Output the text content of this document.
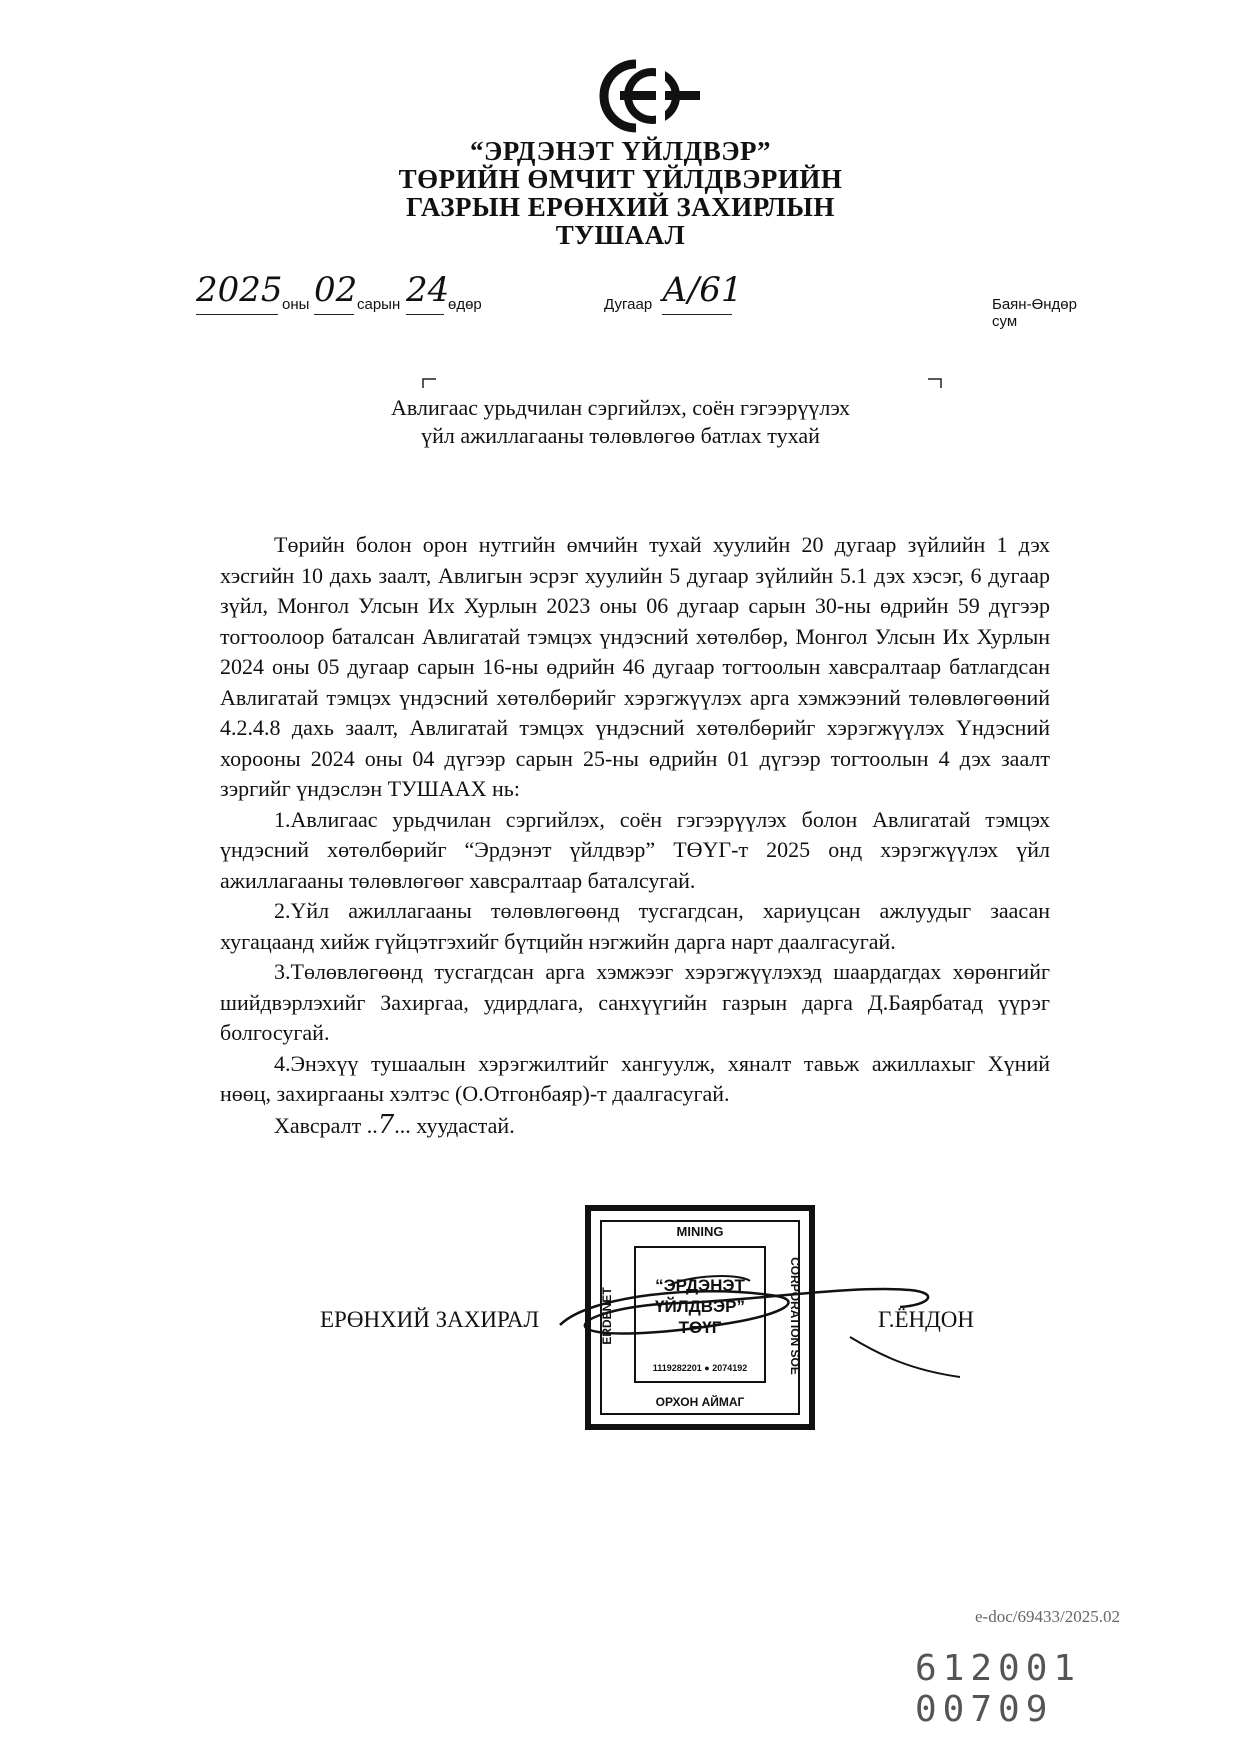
“ЭРДЭНЭТ ҮЙЛДВЭР”
ТӨРИЙН ӨМЧИТ ҮЙЛДВЭРИЙН
ГАЗРЫН ЕРӨНХИЙ ЗАХИРЛЫН
ТУШААЛ
2025 оны 02 сарын 24
өдөр	Дугаар А/61	Баян-Өндөр сум
Авлигаас урьдчилан сэргийлэх, соён гэгээрүүлэх
үйл ажиллагааны төлөвлөгөө батлах тухай

Төрийн болон орон нутгийн өмчийн тухай хуулийн 20 дугаар зүйлийн 1 дэх хэсгийн 10 дахь заалт, Авлигын эсрэг хуулийн 5 дугаар зүйлийн 5.1 дэх хэсэг, 6 дугаар зүйл, Монгол Улсын Их Хурлын 2023 оны 06 дугаар сарын 30-ны өдрийн 59 дүгээр тогтоолоор баталсан Авлигатай тэмцэх үндэсний хөтөлбөр, Монгол Улсын Их Хурлын 2024 оны 05 дугаар сарын 16-ны өдрийн 46 дугаар тогтоолын хавсралтаар батлагдсан Авлигатай тэмцэх үндэсний хөтөлбөрийг хэрэгжүүлэх арга хэмжээний төлөвлөгөөний 4.2.4.8 дахь заалт, Авлигатай тэмцэх үндэсний хөтөлбөрийг хэрэгжүүлэх Үндэсний хорооны 2024 оны 04 дүгээр сарын 25-ны өдрийн 01 дүгээр тогтоолын 4 дэх заалт зэргийг үндэслэн ТУШААХ нь:

1.Авлигаас урьдчилан сэргийлэх, соён гэгээрүүлэх болон Авлигатай тэмцэх үндэсний хөтөлбөрийг “Эрдэнэт үйлдвэр” ТӨҮГ-т 2025 онд хэрэгжүүлэх үйл ажиллагааны төлөвлөгөөг хавсралтаар баталсугай.

2.Үйл ажиллагааны төлөвлөгөөнд тусгагдсан, хариуцсан ажлуудыг заасан хугацаанд хийж гүйцэтгэхийг бүтцийн нэгжийн дарга нарт даалгасугай.

3.Төлөвлөгөөнд тусгагдсан арга хэмжээг хэрэгжүүлэхэд шаардагдах хөрөнгийг шийдвэрлэхийг Захиргаа, удирдлага, санхүүгийн газрын дарга Д.Баярбатад үүрэг болгосугай.

4.Энэхүү тушаалын хэрэгжилтийг хангуулж, хяналт тавьж ажиллахыг Хүний нөөц, захиргааны хэлтэс (О.Отгонбаяр)-т даалгасугай.

Хавсралт ..7... хуудастай.

ЕРӨНХИЙ ЗАХИРАЛ	Г.ЁНДОН
MINING
ERDENET	CORPORATION SOE
“ЭРДЭНЭТ
ҮЙЛДВЭР”
ТӨҮГ
1119282201 ● 2074192
ОРХОН АЙМАГ
e-doc/69433/2025.02
612001 00709
